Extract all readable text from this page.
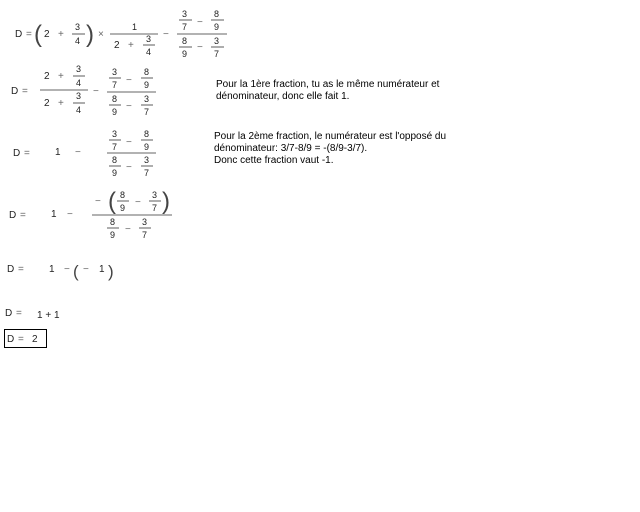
D = ( 2 +
3
4 ) ×
1
2 +
3
4
−
3
7 −
8
9
8
9
−
3
7
D =
2 +
3
4
2 +
3
4
−
3
7 −
8
9
8
9 −
3
7
D =	1 −
3
7 −
8
9
8
9 −
3
7
D =	1 −
− ( 8
9 −
3
7 )
8
9 −
3
7
D =	1 − ( − 1 )
D = 1 + 1
D = 2
Pour la 1ère fraction, tu as le même numérateur et
dénominateur, donc elle fait 1.
Pour la 2ème fraction, le numérateur est l'opposé du
dénominateur: 3/7-8/9 = -(8/9-3/7).
Donc cette fraction vaut -1.
